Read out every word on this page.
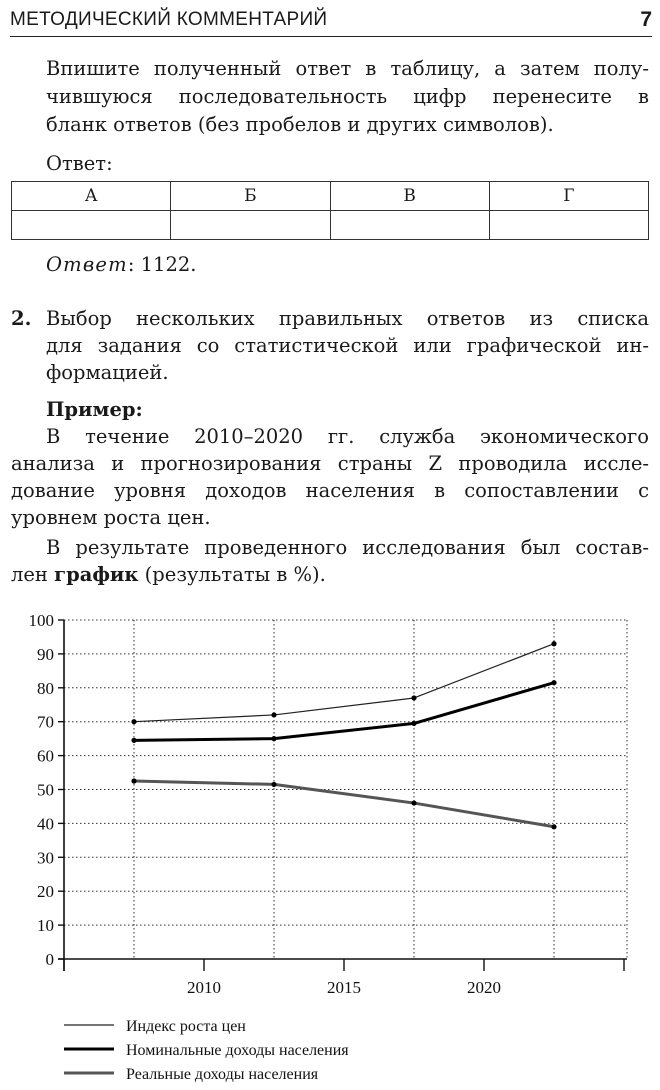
МЕТОДИЧЕСКИЙ КОММЕНТАРИЙ	7
Впишите полученный ответ в таблицу, а затем полу-
чившуюся последовательность цифр перенесите в
бланк ответов (без пробелов и других символов).
Ответ:
А	Б	В	Г

Ответ: 1122.
2. Выбор нескольких правильных ответов из списка
для задания со статистической или графической ин-
формацией.
Пример:
В течение 2010–2020 гг. служба экономического
анализа и прогнозирования страны Z проводила иссле-
дование уровня доходов населения в сопоставлении с
уровнем роста цен.
В результате проведенного исследования был состав-
лен график (результаты в %).
0
10
20
30
40
50
60
70
80
90
100
2010	2015	2020
Индекс роста цен
Номинальные доходы населения
Реальные доходы населения
